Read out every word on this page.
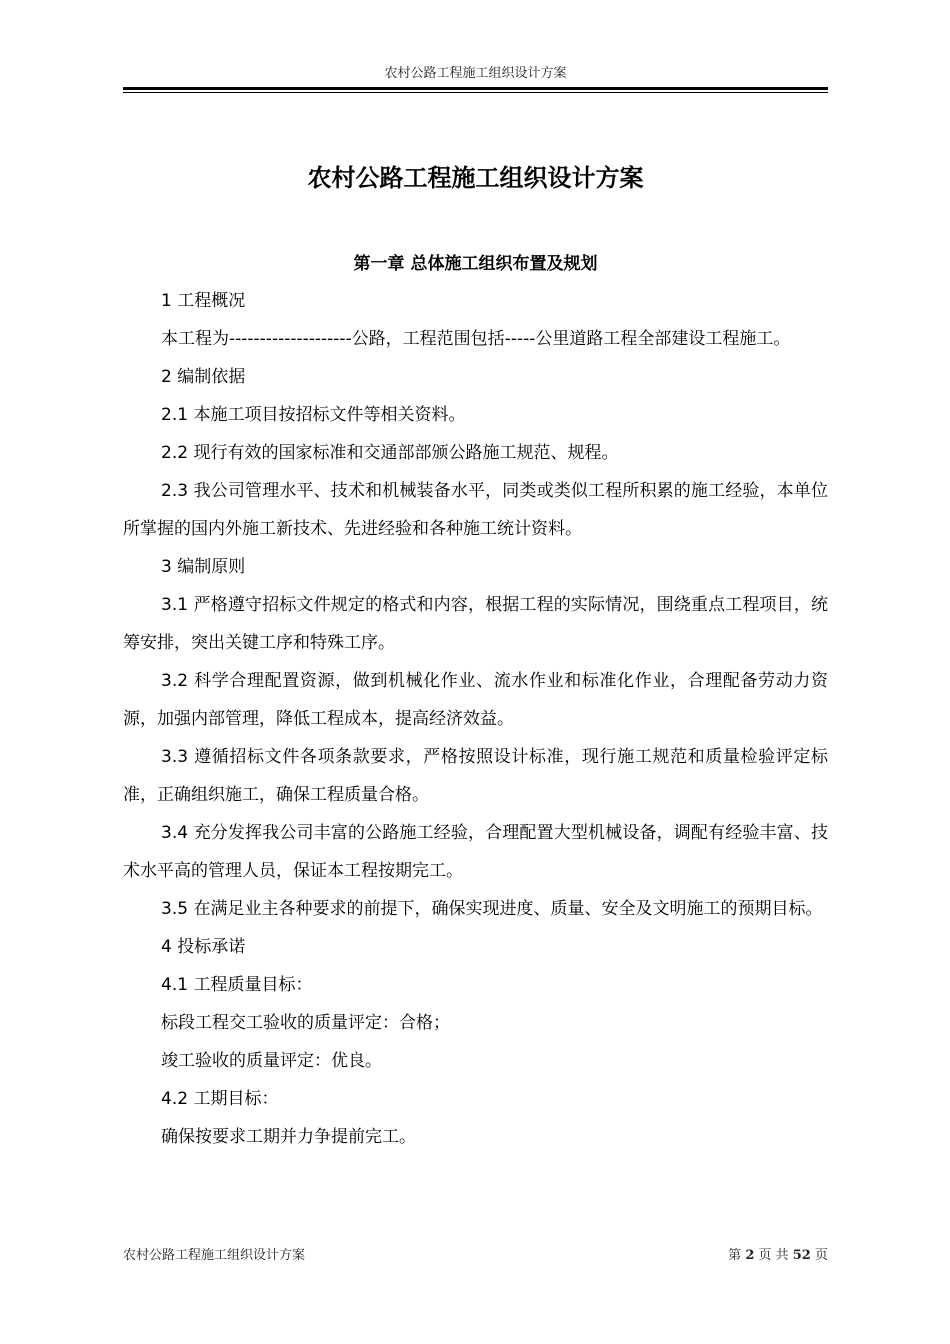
农村公路工程施工组织设计方案
农村公路工程施工组织设计方案
第一章 总体施工组织布置及规划

1 工程概况

本工程为--------------------公路，工程范围包括-----公里道路工程全部建设工程施工。

2 编制依据

2.1 本施工项目按招标文件等相关资料。

2.2 现行有效的国家标准和交通部部颁公路施工规范、规程。

2.3 我公司管理水平、技术和机械装备水平，同类或类似工程所积累的施工经验，本单位所掌握的国内外施工新技术、先进经验和各种施工统计资料。

3 编制原则

3.1 严格遵守招标文件规定的格式和内容，根据工程的实际情况，围绕重点工程项目，统筹安排，突出关键工序和特殊工序。

3.2 科学合理配置资源，做到机械化作业、流水作业和标准化作业，合理配备劳动力资源，加强内部管理，降低工程成本，提高经济效益。

3.3 遵循招标文件各项条款要求，严格按照设计标准，现行施工规范和质量检验评定标准，正确组织施工，确保工程质量合格。

3.4 充分发挥我公司丰富的公路施工经验，合理配置大型机械设备，调配有经验丰富、技术水平高的管理人员，保证本工程按期完工。

3.5 在满足业主各种要求的前提下，确保实现进度、质量、安全及文明施工的预期目标。

4 投标承诺

4.1 工程质量目标：

标段工程交工验收的质量评定：合格；

竣工验收的质量评定：优良。

4.2 工期目标：

确保按要求工期并力争提前完工。

农村公路工程施工组织设计方案	第 2 页 共 52 页
